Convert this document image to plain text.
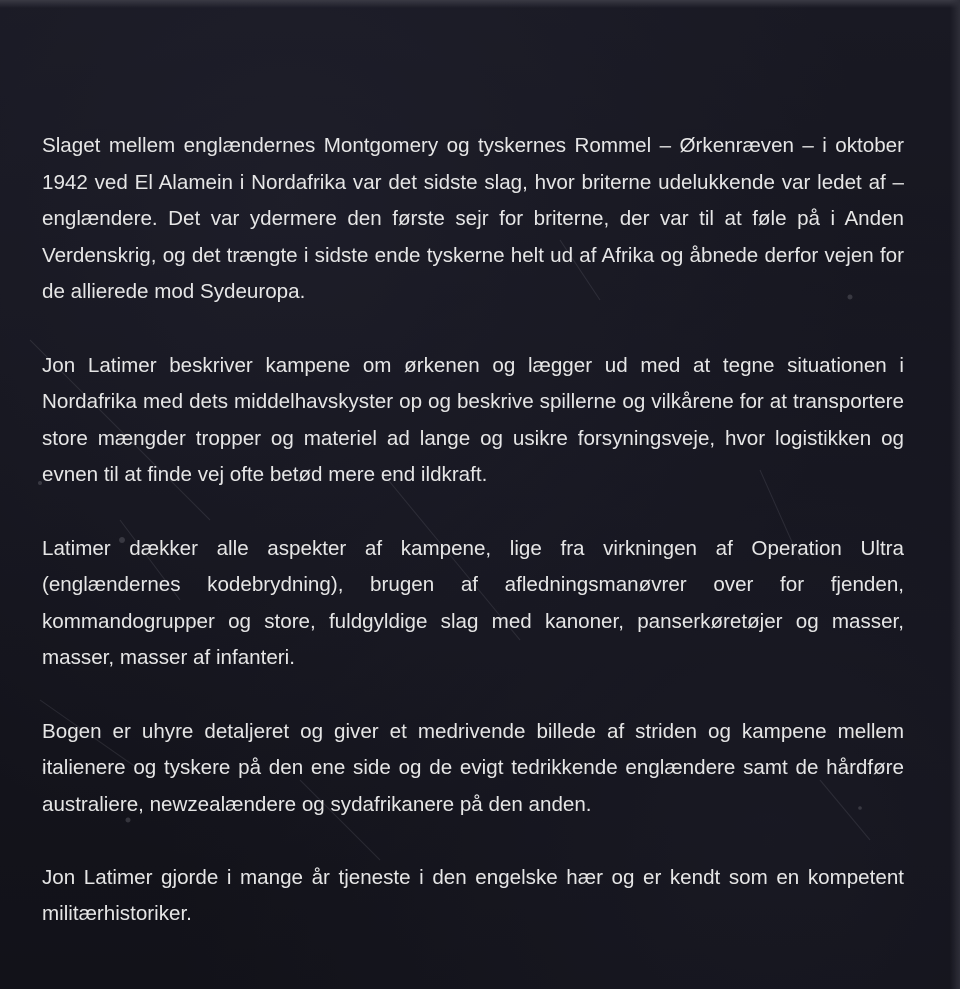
Slaget mellem englændernes Montgomery og tyskernes Rommel – Ørkenræven – i oktober 1942 ved El Alamein i Nordafrika var det sidste slag, hvor briterne udelukkende var ledet af – englændere. Det var ydermere den første sejr for briterne, der var til at føle på i Anden Verdenskrig, og det trængte i sidste ende tyskerne helt ud af Afrika og åbnede derfor vejen for de allierede mod Sydeuropa.

Jon Latimer beskriver kampene om ørkenen og lægger ud med at tegne situationen i Nordafrika med dets middelhavskyster op og beskrive spillerne og vilkårene for at transportere store mængder tropper og materiel ad lange og usikre forsyningsveje, hvor logistikken og evnen til at finde vej ofte betød mere end ildkraft.

Latimer dækker alle aspekter af kampene, lige fra virkningen af Operation Ultra (englændernes kodebrydning), brugen af afledningsmanøvrer over for fjenden, kommandogrupper og store, fuldgyldige slag med kanoner, panserkøretøjer og masser, masser, masser af infanteri.

Bogen er uhyre detaljeret og giver et medrivende billede af striden og kampene mellem italienere og tyskere på den ene side og de evigt tedrikkende englændere samt de hårdføre australiere, newzealændere og sydafrikanere på den anden.

Jon Latimer gjorde i mange år tjeneste i den engelske hær og er kendt som en kompetent militærhistoriker.
